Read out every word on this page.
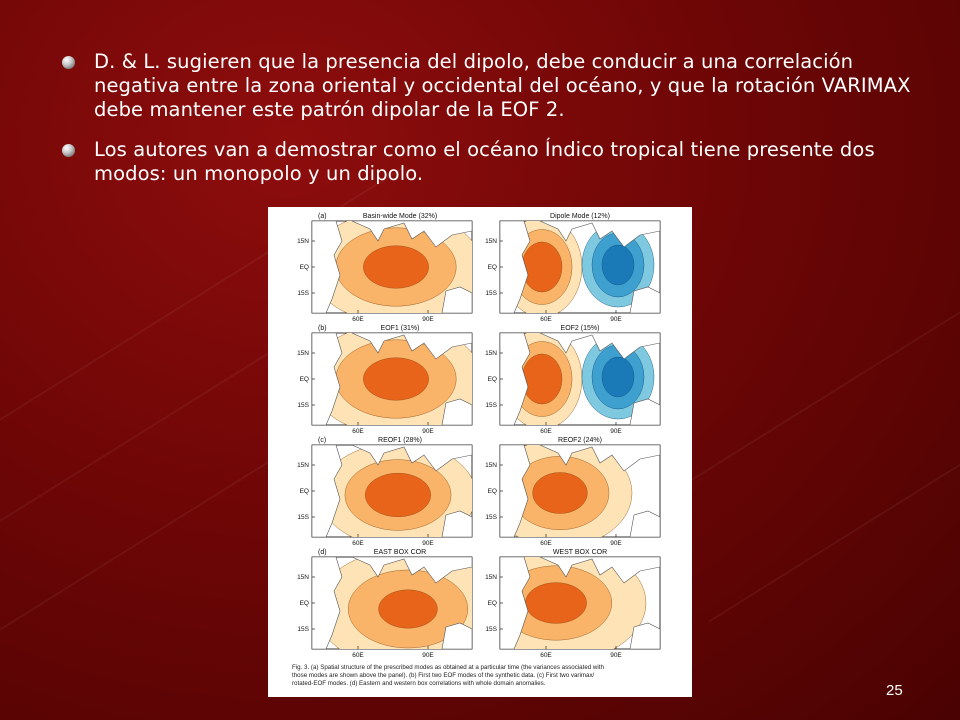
D. & L. sugieren que la presencia del dipolo, debe conducir a una correlación negativa entre la zona oriental y occidental del océano, y que la rotación VARIMAX debe mantener este patrón dipolar de la EOF 2.
Los autores van a demostrar como el océano Índico tropical tiene presente dos modos: un monopolo y un dipolo.
(a)	Basin-wide Mode (32%)
15N
EQ
15S
60E	90E
Dipole Mode (12%)
15N
EQ
15S
60E	90E
(b)	EOF1 (31%)
15N
EQ
15S
60E	90E
EOF2 (15%)
15N
EQ
15S
60E	90E
(c)	REOF1 (28%)
15N
EQ
15S
60E	90E
REOF2 (24%)
15N
EQ
15S
60E	90E
(d)	EAST BOX COR
15N
EQ
15S
60E	90E
WEST BOX COR
15N
EQ
15S
60E	90E
Fig. 3. (a) Spatial structure of the prescribed modes as obtained at a particular time (the variances associated with
those modes are shown above the panel). (b) First two EOF modes of the synthetic data. (c) First two varimax/
rotated-EOF modes. (d) Eastern and western box correlations with whole domain anomalies.	25
